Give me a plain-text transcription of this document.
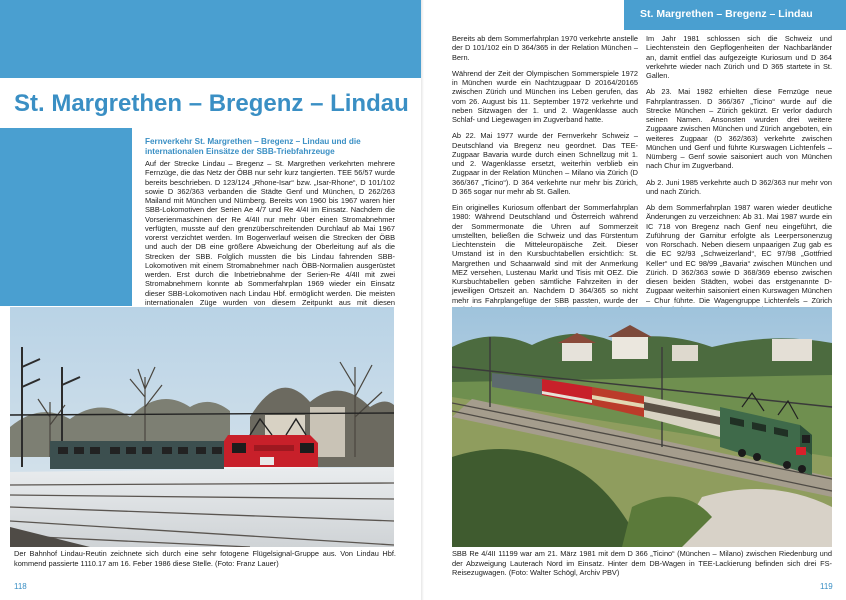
St. Margrethen – Bregenz – Lindau
Fernverkehr St. Margrethen – Bregenz – Lindau und die internationalen Einsätze der SBB-Triebfahrzeuge
Auf der Strecke Lindau – Bregenz – St. Margrethen verkehrten mehrere Fernzüge, die das Netz der ÖBB nur sehr kurz tangierten. TEE 56/57 wurde bereits beschrieben. D 123/124 „Rhone-Isar“ bzw. „Isar-Rhone“, D 101/102 sowie D 362/363 verbanden die Städte Genf und München, D 262/263 Mailand mit München und Nürnberg. Bereits von 1960 bis 1967 waren hier SBB-Lokomotiven der Serien Ae 4/7 und Re 4/4I im Einsatz. Nachdem die Vorserienmaschinen der Re 4/4II nur mehr über einen Stromabnehmer verfügten, musste auf den grenzüberschreitenden Durchlauf ab Mai 1967 vorerst verzichtet werden. Im Bogenverlauf weisen die Strecken der ÖBB und auch der DB eine größere Abweichung der Oberleitung auf als die Strecken der SBB. Folglich mussten die bis Lindau fahrenden SBB-Lokomotiven mit einem Stromabnehmer nach ÖBB-Normalien ausgerüstet werden. Erst durch die Inbetriebnahme der Serien-Re 4/4II mit zwei Stromabnehmern konnte ab Sommerfahrplan 1969 wieder ein Einsatz dieser SBB-Lokomotiven nach Lindau Hbf. ermöglicht werden. Die meisten internationalen Züge wurden von diesem Zeitpunkt aus mit diesen
Der Bahnhof Lindau-Reutin zeichnete sich durch eine sehr fotogene Flügelsignal-Gruppe aus. Von Lindau Hbf. kommend passierte 1110.17 am 16. Feber 1986 diese Stelle. (Foto: Franz Lauer)
118
St. Margrethen – Bregenz – Lindau

Bereits ab dem Sommerfahrplan 1970 verkehrte anstelle der D 101/102 ein D 364/365 in der Relation München – Bern.

Während der Zeit der Olympischen Sommerspiele 1972 in München wurde ein Nachtzugpaar D 20164/20165 zwischen Zürich und München ins Leben gerufen, das vom 26. August bis 11. September 1972 verkehrte und neben Sitzwagen der 1. und 2. Wagenklasse auch Schlaf- und Liegewagen im Zugverband hatte.

Ab 22. Mai 1977 wurde der Fernverkehr Schweiz – Deutschland via Bregenz neu geordnet. Das TEE-Zugpaar Bavaria wurde durch einen Schnellzug mit 1. und 2. Wagenklasse ersetzt, weiterhin verblieb ein Zugpaar in der Relation München – Milano via Zürich (D 366/367 „Ticino“). D 364 verkehrte nur mehr bis Zürich, D 365 sogar nur mehr ab St. Gallen.

Ein originelles Kuriosum offenbart der Sommerfahrplan 1980: Während Deutschland und Österreich während der Sommermonate die Uhren auf Sommerzeit umstellten, beließen die Schweiz und das Fürstentum Liechtenstein die Mitteleuropäische Zeit. Dieser Umstand ist in den Kursbuchtabellen ersichtlich: St. Margrethen und Schaanwald sind mit der Anmerkung MEZ versehen, Lustenau Markt und Tisis mit OEZ. Die Kursbuchtabellen geben sämtliche Fahrzeiten in der jeweiligen Ortszeit an. Nachdem D 364/365 so nicht mehr ins Fahrplangefüge der SBB passten, wurde der

Im Jahr 1981 schlossen sich die Schweiz und Liechtenstein den Gepflogenheiten der Nachbarländer an, damit entfiel das aufgezeigte Kuriosum und D 364 verkehrte wieder nach Zürich und D 365 startete in St. Gallen.

Ab 23. Mai 1982 erhielten diese Fernzüge neue Fahrplantrassen. D 366/367 „Ticino“ wurde auf die Strecke München – Zürich gekürzt. Er verlor dadurch seinen Namen. Ansonsten wurden drei weitere Zugpaare zwischen München und Zürich angeboten, ein weiteres Zugpaar (D 362/363) verkehrte zwischen München und Genf und führte Kurswagen Lichtenfels – Nürnberg – Genf sowie saisoniert auch von München nach Chur im Zugverband.

Ab 2. Juni 1985 verkehrte auch D 362/363 nur mehr von und nach Zürich.

Ab dem Sommerfahrplan 1987 waren wieder deutliche Änderungen zu verzeichnen: Ab 31. Mai 1987 wurde ein IC 718 von Bregenz nach Genf neu eingeführt, die Zuführung der Garnitur erfolgte als Leerpersonenzug von Rorschach. Neben diesem unpaarigen Zug gab es die EC 92/93 „Schweizerland“, EC 97/98 „Gottfried Keller“ und EC 98/99 „Bavaria“ zwischen München und Zürich. D 362/363 sowie D 368/369 ebenso zwischen diesen beiden Städten, wobei das erstgenannte D-Zugpaar weiterhin saisoniert einen Kurswagen München – Chur führte. Die Wagengruppe Lichtenfels – Zürich

SBB Re 4/4II 11199 war am 21. März 1981 mit dem D 366 „Ticino“ (München – Milano) zwischen Riedenburg und der Abzweigung Lauterach Nord im Einsatz. Hinter dem DB-Wagen in TEE-Lackierung befinden sich drei FS-Reisezugwagen. (Foto: Walter Schögl, Archiv PBV)
119
